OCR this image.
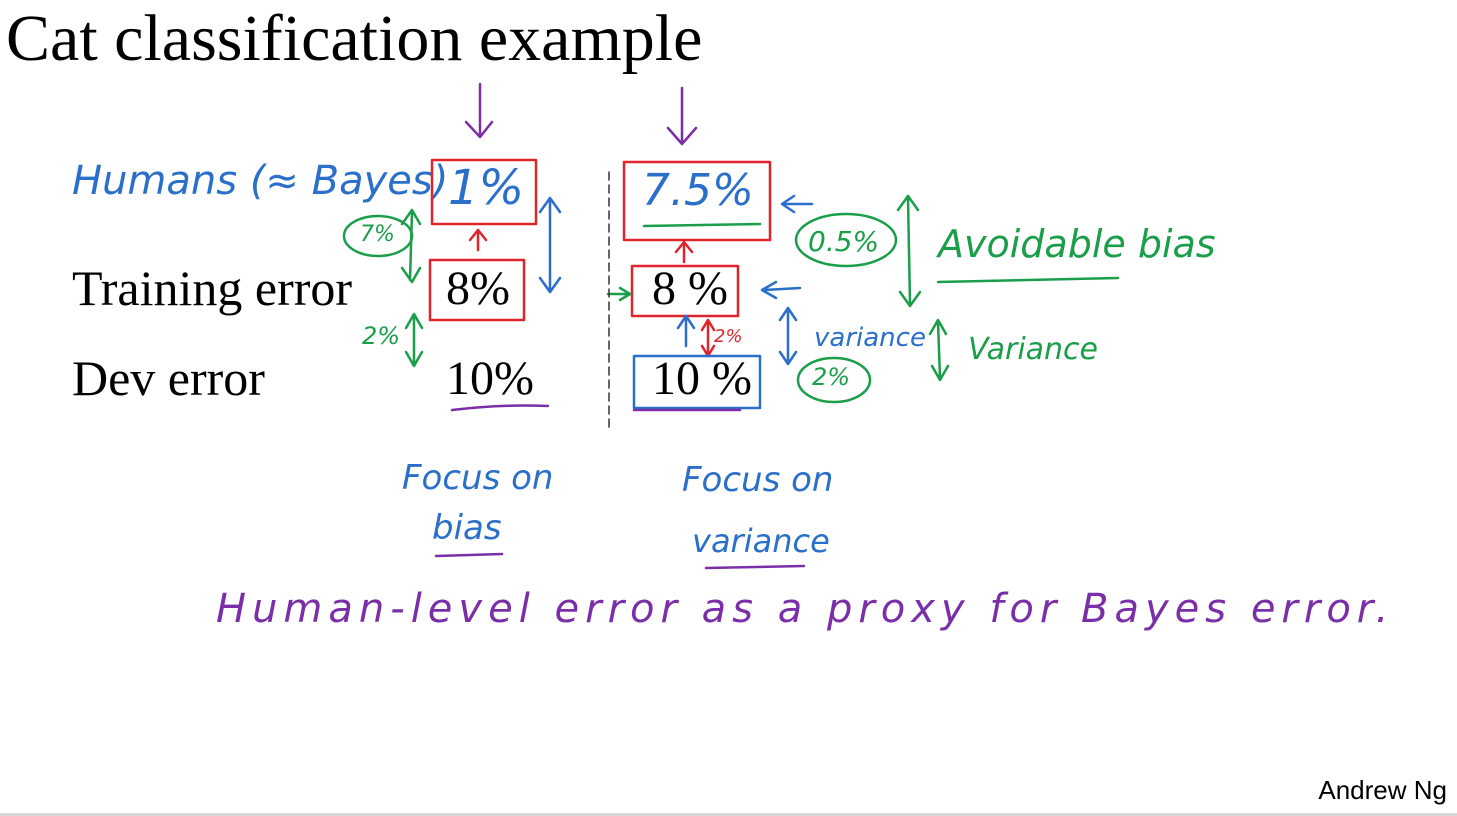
Cat classification example
Humans (≈ Bayes)
Training error
Dev error
1%
8%
10%
7.5%
8 %
10 %
7%
2%
0.5%
2%
2%	variance
Avoidable bias
Variance
Focus on
bias
Focus on
variance
Human-level error as a proxy for Bayes error.
Andrew Ng
